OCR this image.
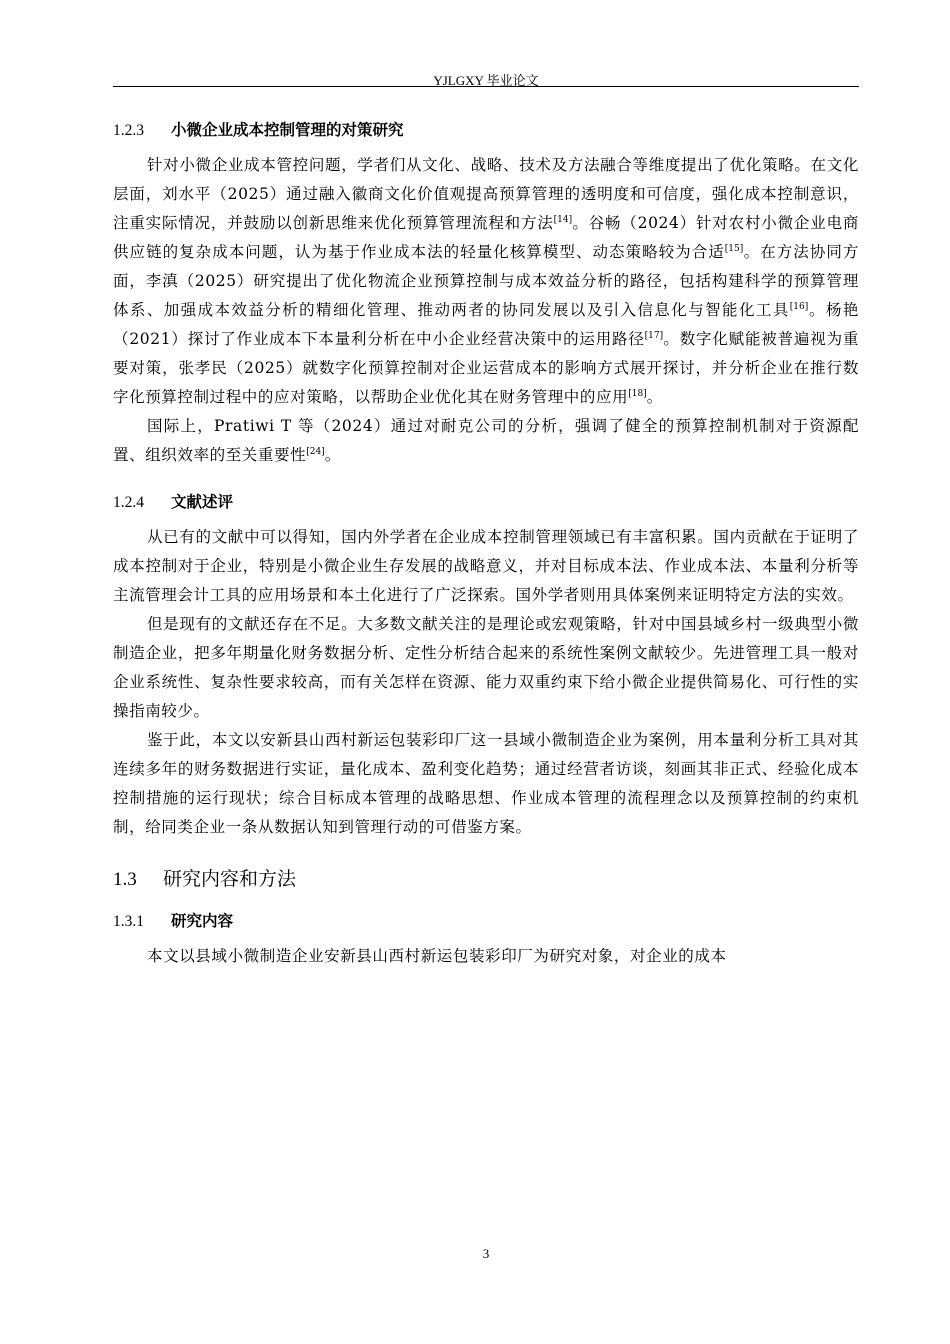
YJLGXY 毕业论文
1.2.3 小微企业成本控制管理的对策研究

针对小微企业成本管控问题，学者们从文化、战略、技术及方法融合等维度提出了优化策略。在文化层面，刘水平（2025）通过融入徽商文化价值观提高预算管理的透明度和可信度，强化成本控制意识，注重实际情况，并鼓励以创新思维来优化预算管理流程和方法[14]。谷畅（2024）针对农村小微企业电商供应链的复杂成本问题，认为基于作业成本法的轻量化核算模型、动态策略较为合适[15]。在方法协同方面，李滇（2025）研究提出了优化物流企业预算控制与成本效益分析的路径，包括构建科学的预算管理体系、加强成本效益分析的精细化管理、推动两者的协同发展以及引入信息化与智能化工具[16]。杨艳（2021）探讨了作业成本下本量利分析在中小企业经营决策中的运用路径[17]。数字化赋能被普遍视为重要对策，张孝民（2025）就数字化预算控制对企业运营成本的影响方式展开探讨，并分析企业在推行数字化预算控制过程中的应对策略，以帮助企业优化其在财务管理中的应用[18]。

国际上，Pratiwi T 等（2024）通过对耐克公司的分析，强调了健全的预算控制机制对于资源配置、组织效率的至关重要性[24]。

1.2.4 文献述评

从已有的文献中可以得知，国内外学者在企业成本控制管理领域已有丰富积累。国内贡献在于证明了成本控制对于企业，特别是小微企业生存发展的战略意义，并对目标成本法、作业成本法、本量利分析等主流管理会计工具的应用场景和本土化进行了广泛探索。国外学者则用具体案例来证明特定方法的实效。

但是现有的文献还存在不足。大多数文献关注的是理论或宏观策略，针对中国县域乡村一级典型小微制造企业，把多年期量化财务数据分析、定性分析结合起来的系统性案例文献较少。先进管理工具一般对企业系统性、复杂性要求较高，而有关怎样在资源、能力双重约束下给小微企业提供简易化、可行性的实操指南较少。

鉴于此，本文以安新县山西村新运包装彩印厂这一县域小微制造企业为案例，用本量利分析工具对其连续多年的财务数据进行实证，量化成本、盈利变化趋势；通过经营者访谈，刻画其非正式、经验化成本控制措施的运行现状；综合目标成本管理的战略思想、作业成本管理的流程理念以及预算控制的约束机制，给同类企业一条从数据认知到管理行动的可借鉴方案。

1.3 研究内容和方法
1.3.1 研究内容

本文以县域小微制造企业安新县山西村新运包装彩印厂为研究对象，对企业的成本

3
